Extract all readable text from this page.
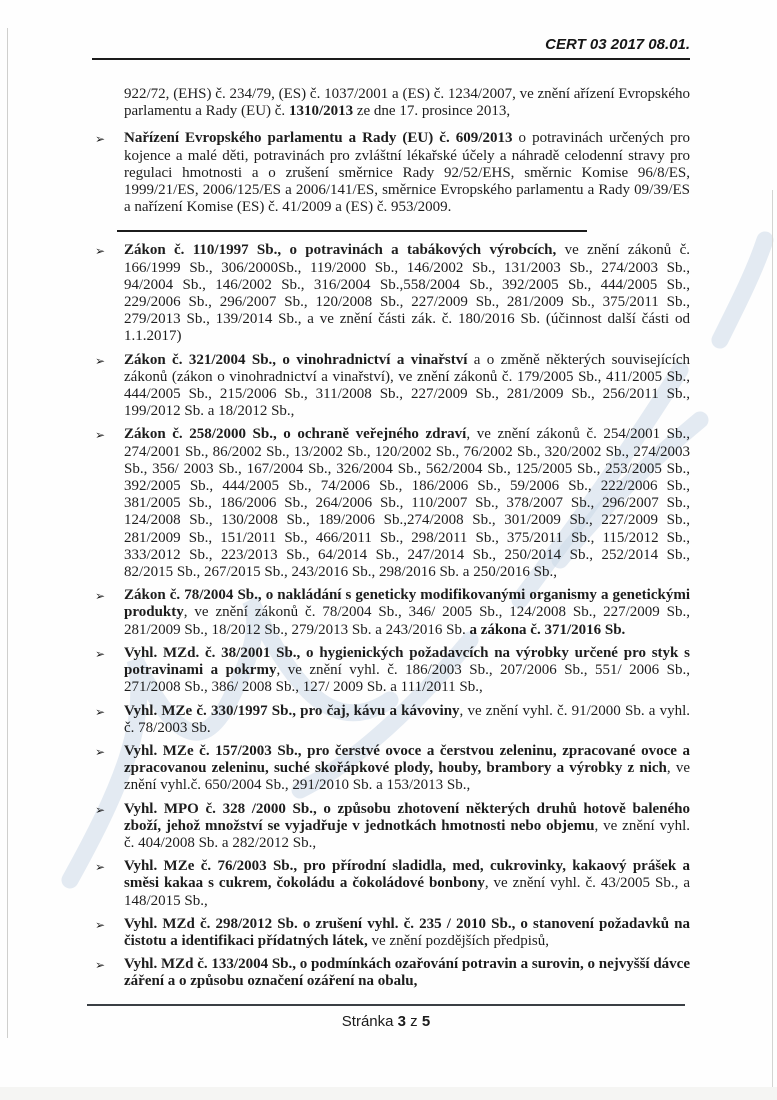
CERT 03 2017 08.01.
922/72, (EHS) č. 234/79, (ES) č. 1037/2001 a (ES) č. 1234/2007, ve znění ařízení Evropského parlamentu a Rady (EU) č. 1310/2013 ze dne 17. prosince 2013,
➢ Nařízení Evropského parlamentu a Rady (EU) č. 609/2013 o potravinách určených pro kojence a malé děti, potravinách pro zvláštní lékařské účely a náhradě celodenní stravy pro regulaci hmotnosti a o zrušení směrnice Rady 92/52/EHS, směrnic Komise 96/8/ES, 1999/21/ES, 2006/125/ES a 2006/141/ES, směrnice Evropského parlamentu a Rady 09/39/ES a nařízení Komise (ES) č. 41/2009 a (ES) č. 953/2009.
➢ Zákon č. 110/1997 Sb., o potravinách a tabákových výrobcích, ve znění zákonů č. 166/1999 Sb., 306/2000Sb., 119/2000 Sb., 146/2002 Sb., 131/2003 Sb., 274/2003 Sb., 94/2004 Sb., 146/2002 Sb., 316/2004 Sb.,558/2004 Sb., 392/2005 Sb., 444/2005 Sb., 229/2006 Sb., 296/2007 Sb., 120/2008 Sb., 227/2009 Sb., 281/2009 Sb., 375/2011 Sb., 279/2013 Sb., 139/2014 Sb., a ve znění části zák. č. 180/2016 Sb. (účinnost další části od 1.1.2017)
➢ Zákon č. 321/2004 Sb., o vinohradnictví a vinařství a o změně některých souvisejících zákonů (zákon o vinohradnictví a vinařství), ve znění zákonů č. 179/2005 Sb., 411/2005 Sb., 444/2005 Sb., 215/2006 Sb., 311/2008 Sb., 227/2009 Sb., 281/2009 Sb., 256/2011 Sb., 199/2012 Sb. a 18/2012 Sb.,
➢ Zákon č. 258/2000 Sb., o ochraně veřejného zdraví, ve znění zákonů č. 254/2001 Sb., 274/2001 Sb., 86/2002 Sb., 13/2002 Sb., 120/2002 Sb., 76/2002 Sb., 320/2002 Sb., 274/2003 Sb., 356/ 2003 Sb., 167/2004 Sb., 326/2004 Sb., 562/2004 Sb., 125/2005 Sb., 253/2005 Sb., 392/2005 Sb., 444/2005 Sb., 74/2006 Sb., 186/2006 Sb., 59/2006 Sb., 222/2006 Sb., 381/2005 Sb., 186/2006 Sb., 264/2006 Sb., 110/2007 Sb., 378/2007 Sb., 296/2007 Sb., 124/2008 Sb., 130/2008 Sb., 189/2006 Sb.,274/2008 Sb., 301/2009 Sb., 227/2009 Sb., 281/2009 Sb., 151/2011 Sb., 466/2011 Sb., 298/2011 Sb., 375/2011 Sb., 115/2012 Sb., 333/2012 Sb., 223/2013 Sb., 64/2014 Sb., 247/2014 Sb., 250/2014 Sb., 252/2014 Sb., 82/2015 Sb., 267/2015 Sb., 243/2016 Sb., 298/2016 Sb. a 250/2016 Sb.,
➢ Zákon č. 78/2004 Sb., o nakládání s geneticky modifikovanými organismy a genetickými produkty, ve znění zákonů č. 78/2004 Sb., 346/ 2005 Sb., 124/2008 Sb., 227/2009 Sb., 281/2009 Sb., 18/2012 Sb., 279/2013 Sb. a 243/2016 Sb. a zákona č. 371/2016 Sb.
➢ Vyhl. MZd. č. 38/2001 Sb., o hygienických požadavcích na výrobky určené pro styk s potravinami a pokrmy, ve znění vyhl. č. 186/2003 Sb., 207/2006 Sb., 551/ 2006 Sb., 271/2008 Sb., 386/ 2008 Sb., 127/ 2009 Sb. a 111/2011 Sb.,
➢ Vyhl. MZe č. 330/1997 Sb., pro čaj, kávu a kávoviny, ve znění vyhl. č. 91/2000 Sb. a vyhl. č. 78/2003 Sb.
➢ Vyhl. MZe č. 157/2003 Sb., pro čerstvé ovoce a čerstvou zeleninu, zpracované ovoce a zpracovanou zeleninu, suché skořápkové plody, houby, brambory a výrobky z nich, ve znění vyhl.č. 650/2004 Sb., 291/2010 Sb. a 153/2013 Sb.,
➢ Vyhl. MPO č. 328 /2000 Sb., o způsobu zhotovení některých druhů hotově baleného zboží, jehož množství se vyjadřuje v jednotkách hmotnosti nebo objemu, ve znění vyhl. č. 404/2008 Sb. a 282/2012 Sb.,
➢ Vyhl. MZe č. 76/2003 Sb., pro přírodní sladidla, med, cukrovinky, kakaový prášek a směsi kakaa s cukrem, čokoládu a čokoládové bonbony, ve znění vyhl. č. 43/2005 Sb., a 148/2015 Sb.,
➢ Vyhl. MZd č. 298/2012 Sb. o zrušení vyhl. č. 235 / 2010 Sb., o stanovení požadavků na čistotu a identifikaci přídatných látek, ve znění pozdějších předpisů,
➢ Vyhl. MZd č. 133/2004 Sb., o podmínkách ozařování potravin a surovin, o nejvyšší dávce záření a o způsobu označení ozáření na obalu,
Stránka 3 z 5
